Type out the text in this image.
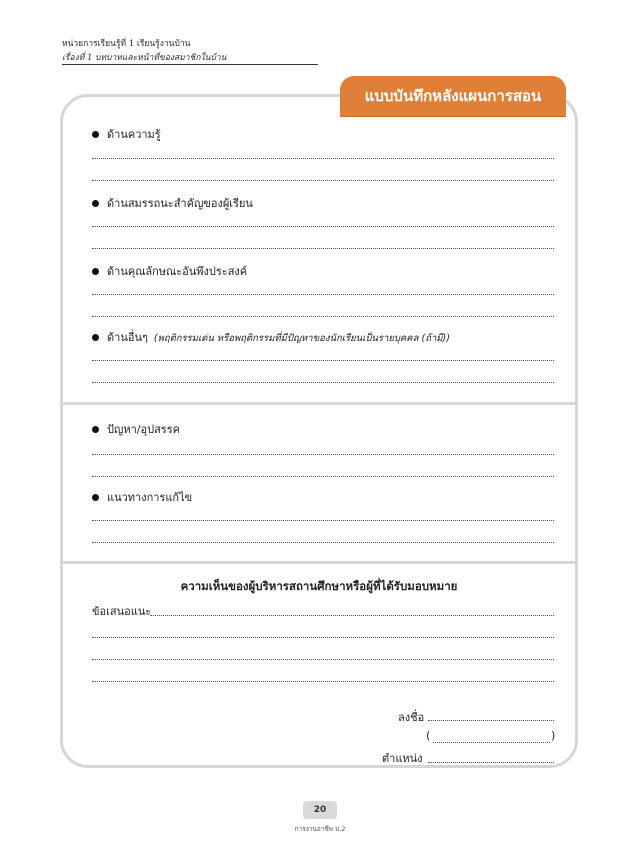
หน่วยการเรียนรู้ที่ 1 เรียนรู้งานบ้าน
เรื่องที่ 1 บทบาทและหน้าที่ของสมาชิกในบ้าน
แบบบันทึกหลังแผนการสอน
ด้านความรู้
ด้านสมรรถนะสำคัญของผู้เรียน
ด้านคุณลักษณะอันพึงประสงค์
ด้านอื่นๆ (พฤติกรรมเด่น หรือพฤติกรรมที่มีปัญหาของนักเรียนเป็นรายบุคคล (ถ้ามี))
ปัญหา/อุปสรรค
แนวทางการแก้ไข
ความเห็นของผู้บริหารสถานศึกษาหรือผู้ที่ได้รับมอบหมาย
ข้อเสนอแนะ
ลงชื่อ
(	)
ตำแหน่ง
20
การงานอาชีพ ป.2
